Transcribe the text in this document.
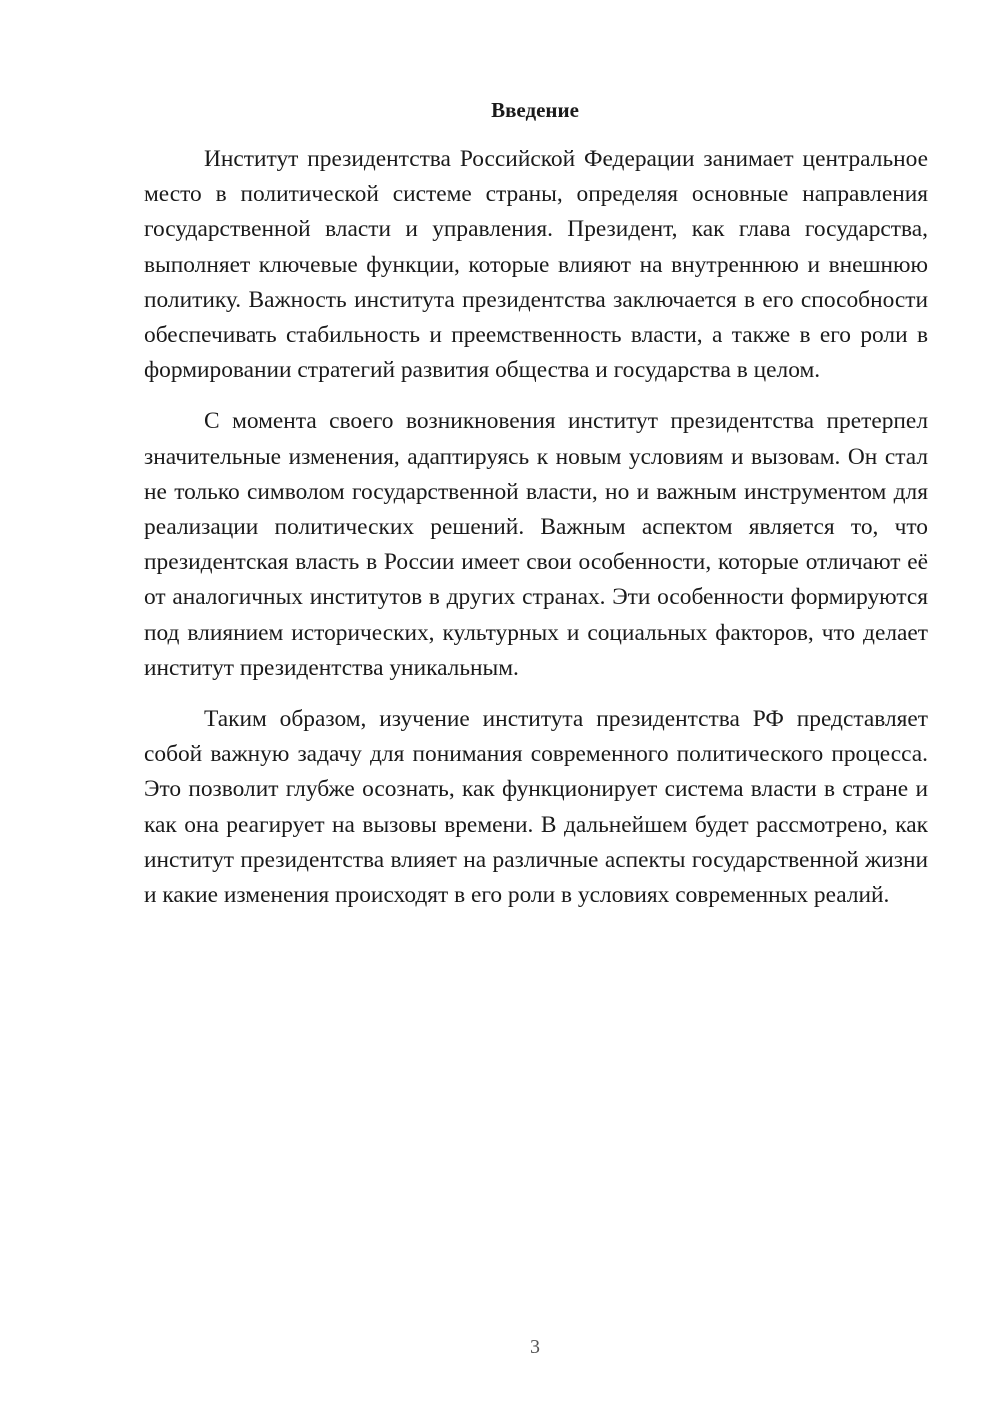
Введение

Институт президентства Российской Федерации занимает центральное место в политической системе страны, определяя основные направления государственной власти и управления. Президент, как глава государства, выполняет ключевые функции, которые влияют на внутреннюю и внешнюю политику. Важность института президентства заключается в его способности обеспечивать стабильность и преемственность власти, а также в его роли в формировании стратегий развития общества и государства в целом.

С момента своего возникновения институт президентства претерпел значительные изменения, адаптируясь к новым условиям и вызовам. Он стал не только символом государственной власти, но и важным инструментом для реализации политических решений. Важным аспектом является то, что президентская власть в России имеет свои особенности, которые отличают её от аналогичных институтов в других странах. Эти особенности формируются под влиянием исторических, культурных и социальных факторов, что делает институт президентства уникальным.

Таким образом, изучение института президентства РФ представляет собой важную задачу для понимания современного политического процесса. Это позволит глубже осознать, как функционирует система власти в стране и как она реагирует на вызовы времени. В дальнейшем будет рассмотрено, как институт президентства влияет на различные аспекты государственной жизни и какие изменения происходят в его роли в условиях современных реалий.

3
